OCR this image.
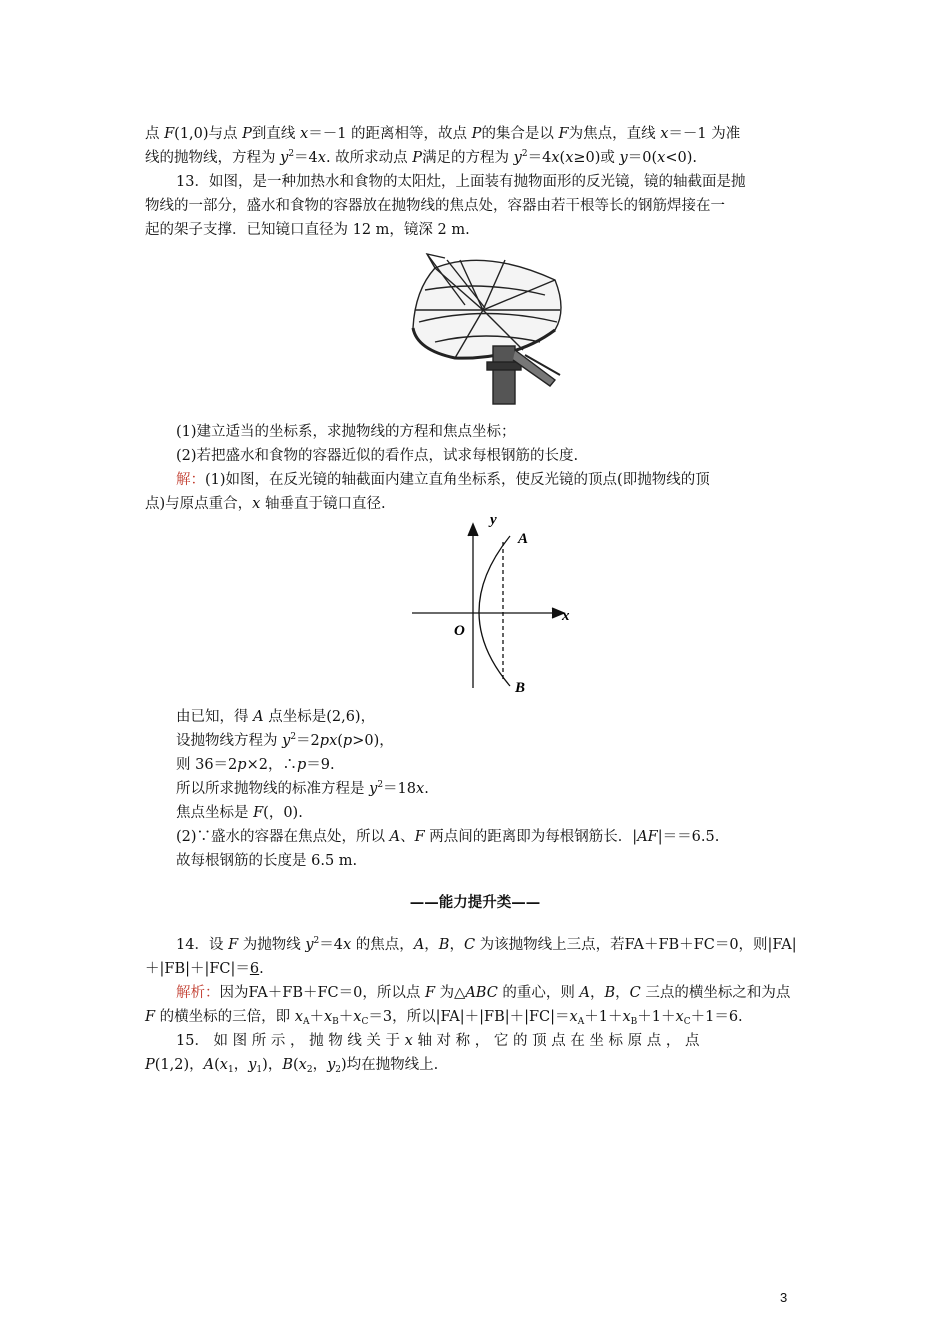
点 F(1,0)与点 P到直线 x＝－1 的距离相等，故点 P的集合是以 F为焦点，直线 x＝－1 为准
线的抛物线，方程为 $y^2=4x$. 故所求动点 P满足的方程为 $y^2=4x(x\ge 0)$或 y＝0(x<0).
13．如图，是一种加热水和食物的太阳灶，上面装有抛物面形的反光镜，镜的轴截面是抛
物线的一部分，盛水和食物的容器放在抛物线的焦点处，容器由若干根等长的钢筋焊接在一
起的架子支撑．已知镜口直径为 12 m，镜深 2 m.
(1)建立适当的坐标系，求抛物线的方程和焦点坐标；
(2)若把盛水和食物的容器近似的看作点，试求每根钢筋的长度.
解：(1)如图，在反光镜的轴截面内建立直角坐标系，使反光镜的顶点(即抛物线的顶
点)与原点重合，x 轴垂直于镜口直径.
y
x
O
A
B
由已知，得 A 点坐标是(2,6)，
设抛物线方程为 $y^2=2px(p>0)$，
则 36＝2p×2，∴p＝9.
所以所求抛物线的标准方程是 $y^2=18x$.
焦点坐标是 F(，0).
(2)∵盛水的容器在焦点处，所以 A、F 两点间的距离即为每根钢筋长．|AF|＝＝6.5.
故每根钢筋的长度是 6.5 m.
——能力提升类——
14．设 F 为抛物线 $y^2=4x$ 的焦点，A，B，C 为该抛物线上三点，若FA＋FB＋FC＝0，则|FA|
＋|FB|＋|FC|＝6.
解析：因为FA＋FB＋FC＝0，所以点 F 为△ABC 的重心，则 A，B，C 三点的横坐标之和为点
F 的横坐标的三倍，即 $x_A+x_B+x_C=3$，所以$|FA|+|FB|+|FC|=x_A+1+x_B+1+x_C+1=6$.
15． 如 图 所 示 ， 抛 物 线 关 于 x 轴 对 称 ， 它 的 顶 点 在 坐 标 原 点 ， 点
P(1,2)，$A(x_1$，$y_1$)，$B(x_2$，$y_2$)均在抛物线上.
3
